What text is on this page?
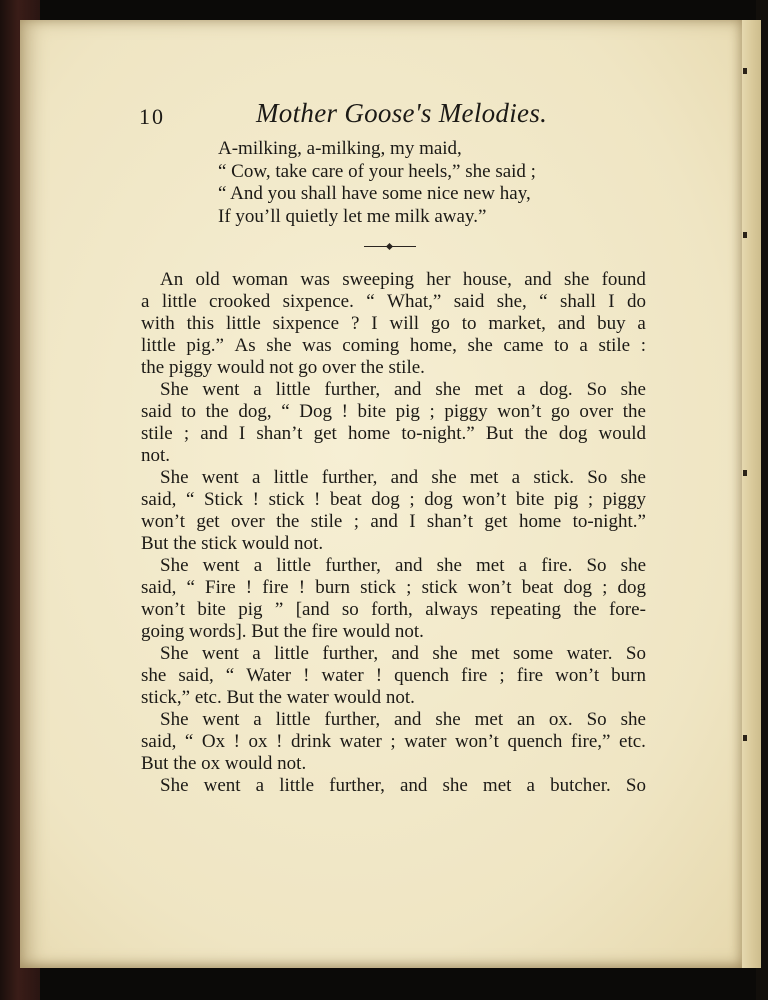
10	Mother Goose's Melodies.
A-milking, a-milking, my maid,
“ Cow, take care of your heels,” she said ;
“ And you shall have some nice new hay,
If you’ll quietly let me milk away.”
An old woman was sweeping her house, and she found
a little crooked sixpence. “ What,” said she, “ shall I do
with this little sixpence ? I will go to market, and buy a
little pig.” As she was coming home, she came to a stile :
the piggy would not go over the stile.
She went a little further, and she met a dog. So she
said to the dog, “ Dog ! bite pig ; piggy won’t go over the
stile ; and I shan’t get home to-night.” But the dog would
not.
She went a little further, and she met a stick. So she
said, “ Stick ! stick ! beat dog ; dog won’t bite pig ; piggy
won’t get over the stile ; and I shan’t get home to-night.”
But the stick would not.
She went a little further, and she met a fire. So she
said, “ Fire ! fire ! burn stick ; stick won’t beat dog ; dog
won’t bite pig ” [and so forth, always repeating the fore-
going words]. But the fire would not.
She went a little further, and she met some water. So
she said, “ Water ! water ! quench fire ; fire won’t burn
stick,” etc. But the water would not.
She went a little further, and she met an ox. So she
said, “ Ox ! ox ! drink water ; water won’t quench fire,” etc.
But the ox would not.
She went a little further, and she met a butcher. So
